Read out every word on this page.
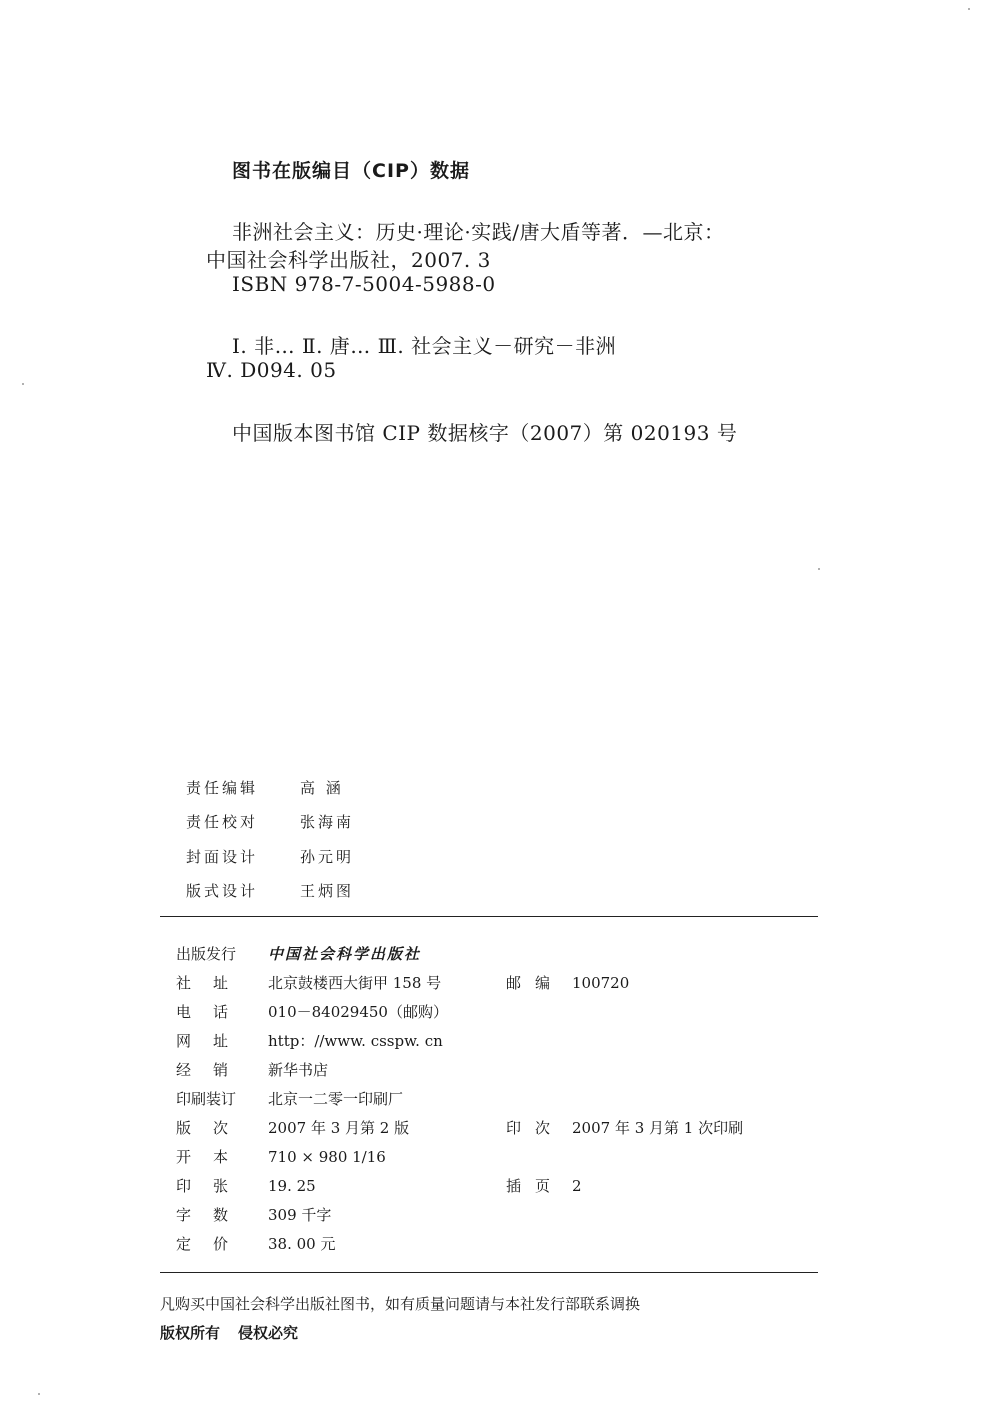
图书在版编目（CIP）数据
非洲社会主义：历史·理论·实践/唐大盾等著．—北京：
中国社会科学出版社，2007. 3
ISBN 978-7-5004-5988-0
Ⅰ. 非… Ⅱ. 唐… Ⅲ. 社会主义－研究－非洲
Ⅳ. D094. 05
中国版本图书馆 CIP 数据核字（2007）第 020193 号
责任编辑	高 涵
责任校对	张海南
封面设计	孙元明
版式设计	王炳图
出版发行	中国社会科学出版社
社址	北京鼓楼西大街甲 158 号	邮编 100720
电话	010－84029450（邮购）
网址	http：//www. csspw. cn
经销	新华书店
印刷装订	北京一二零一印刷厂
版次	2007 年 3 月第 2 版	印次 2007 年 3 月第 1 次印刷
开本	710 × 980 1/16
印张	19. 25	插页 2
字数	309 千字
定价	38. 00 元
凡购买中国社会科学出版社图书，如有质量问题请与本社发行部联系调换
版权所有 侵权必究
